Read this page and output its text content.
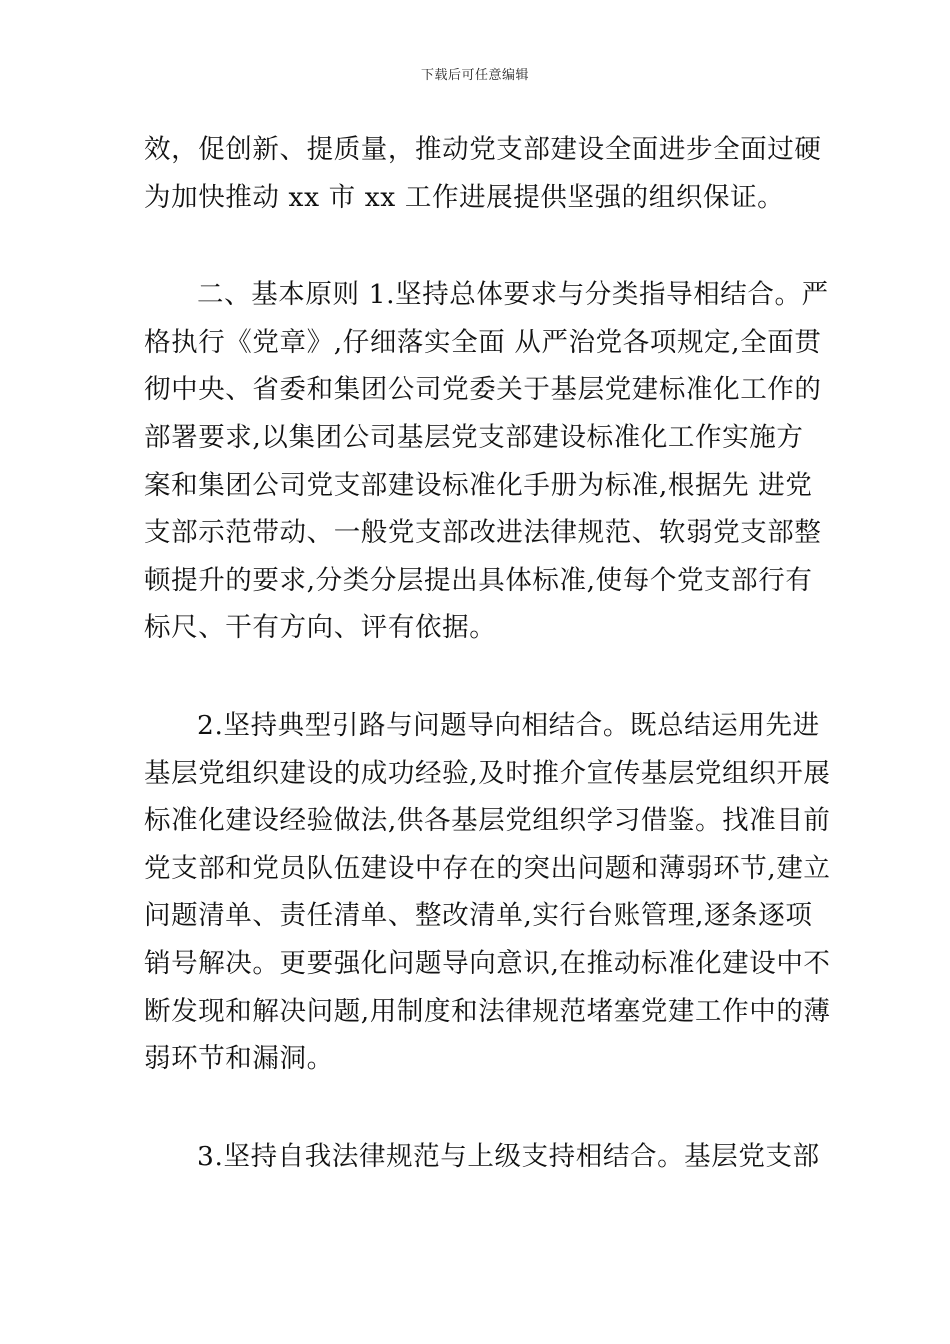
下载后可任意编辑

效，促创新、提质量，推动党支部建设全面进步全面过硬
为加快推动 xx 市 xx 工作进展提供坚强的组织保证。

二、基本原则 1.坚持总体要求与分类指导相结合。严
格执行《党章》,仔细落实全面 从严治党各项规定,全面贯
彻中央、省委和集团公司党委关于基层党建标准化工作的
部署要求,以集团公司基层党支部建设标准化工作实施方
案和集团公司党支部建设标准化手册为标准,根据先 进党
支部示范带动、一般党支部改进法律规范、软弱党支部整
顿提升的要求,分类分层提出具体标准,使每个党支部行有
标尺、干有方向、评有依据。

2.坚持典型引路与问题导向相结合。既总结运用先进
基层党组织建设的成功经验,及时推介宣传基层党组织开展
标准化建设经验做法,供各基层党组织学习借鉴。找准目前
党支部和党员队伍建设中存在的突出问题和薄弱环节,建立
问题清单、责任清单、整改清单,实行台账管理,逐条逐项
销号解决。更要强化问题导向意识,在推动标准化建设中不
断发现和解决问题,用制度和法律规范堵塞党建工作中的薄
弱环节和漏洞。

3.坚持自我法律规范与上级支持相结合。基层党支部
